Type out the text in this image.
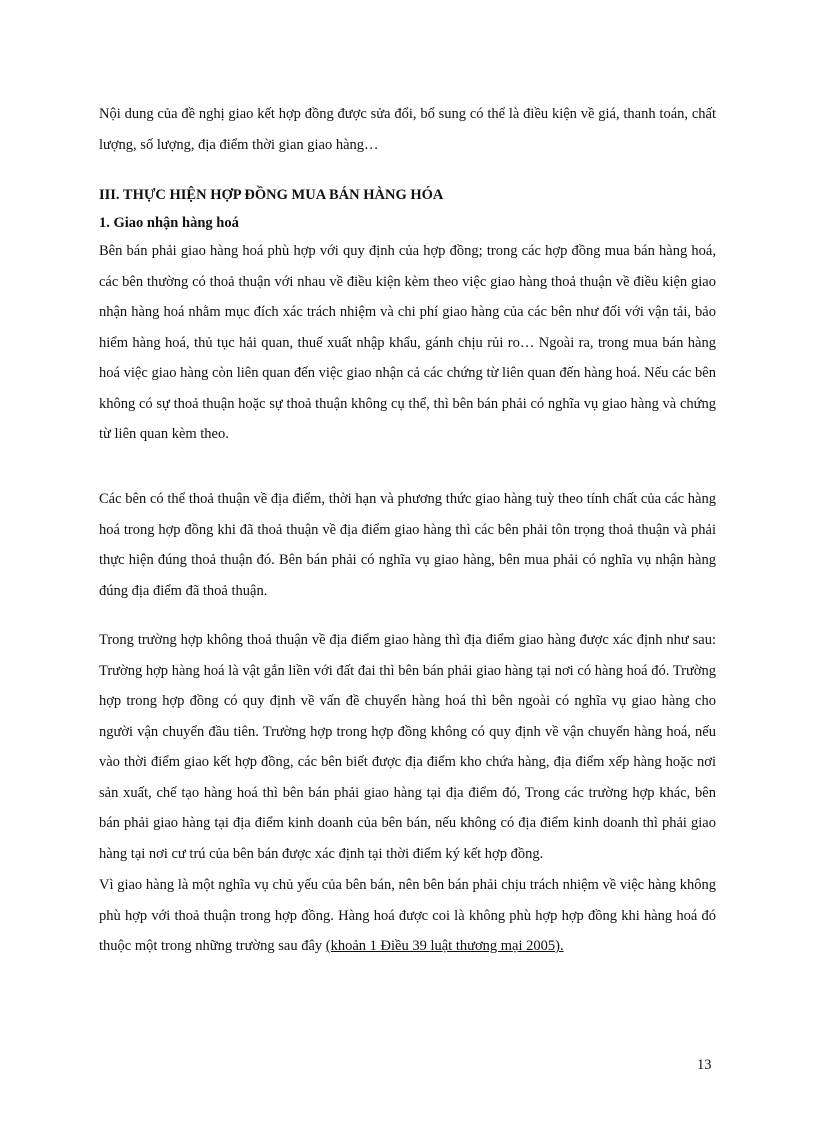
Nội dung của đề nghị giao kết hợp đồng được sửa đổi, bổ sung có thể là điều kiện về giá, thanh toán, chất lượng, số lượng, địa điểm thời gian giao hàng…

III. THỰC HIỆN HỢP ĐỒNG MUA BÁN HÀNG HÓA
1. Giao nhận hàng hoá

Bên bán phải giao hàng hoá phù hợp với quy định của hợp đồng; trong các hợp đồng mua bán hàng hoá, các bên thường có thoả thuận với nhau về điều kiện kèm theo việc giao hàng thoả thuận về điều kiện giao nhận hàng hoá nhằm mục đích xác trách nhiệm và chi phí giao hàng của các bên như đối với vận tải, bảo hiểm hàng hoá, thủ tục hải quan, thuế xuất nhập khẩu, gánh chịu rủi ro… Ngoài ra, trong mua bán hàng hoá việc giao hàng còn liên quan đến việc giao nhận cả các chứng từ liên quan đến hàng hoá. Nếu các bên không có sự thoả thuận hoặc sự thoả thuận không cụ thể, thì bên bán phải có nghĩa vụ giao hàng và chứng từ liên quan kèm theo.

Các bên có thể thoả thuận về địa điểm, thời hạn và phương thức giao hàng tuỳ theo tính chất của các hàng hoá trong hợp đồng khi đã thoả thuận về địa điểm giao hàng thì các bên phải tôn trọng thoả thuận và phải thực hiện đúng thoả thuận đó. Bên bán phải có nghĩa vụ giao hàng, bên mua phải có nghĩa vụ nhận hàng đúng địa điểm đã thoả thuận.

Trong trường hợp không thoả thuận về địa điểm giao hàng thì địa điểm giao hàng được xác định như sau: Trường hợp hàng hoá là vật gắn liền với đất đai thì bên bán phải giao hàng tại nơi có hàng hoá đó. Trường hợp trong hợp đồng có quy định về vấn đề chuyển hàng hoá thì bên ngoài có nghĩa vụ giao hàng cho người vận chuyển đầu tiên. Trường hợp trong hợp đồng không có quy định về vận chuyển hàng hoá, nếu vào thời điểm giao kết hợp đồng, các bên biết được địa điểm kho chứa hàng, địa điểm xếp hàng hoặc nơi sản xuất, chế tạo hàng hoá thì bên bán phải giao hàng tại địa điểm đó, Trong các trường hợp khác, bên bán phải giao hàng tại địa điểm kinh doanh của bên bán, nếu không có địa điểm kinh doanh thì phải giao hàng tại nơi cư trú của bên bán được xác định tại thời điểm ký kết hợp đồng.

Vì giao hàng là một nghĩa vụ chủ yếu của bên bán, nên bên bán phải chịu trách nhiệm về việc hàng không phù hợp với thoả thuận trong hợp đồng. Hàng hoá được coi là không phù hợp hợp đồng khi hàng hoá đó thuộc một trong những trường sau đây (khoản 1 Điều 39 luật thương mại 2005).

13
